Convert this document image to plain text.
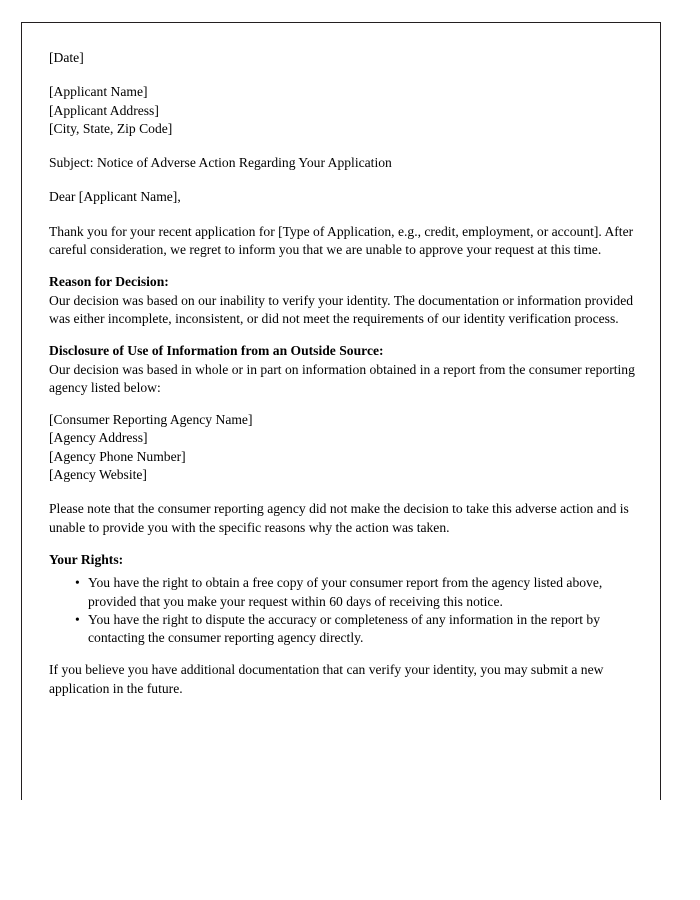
[Date]
[Applicant Name]
[Applicant Address]
[City, State, Zip Code]
Subject: Notice of Adverse Action Regarding Your Application
Dear [Applicant Name],

Thank you for your recent application for [Type of Application, e.g., credit, employment, or account]. After careful consideration, we regret to inform you that we are unable to approve your request at this time.

Reason for Decision:

Our decision was based on our inability to verify your identity. The documentation or information provided was either incomplete, inconsistent, or did not meet the requirements of our identity verification process.

Disclosure of Use of Information from an Outside Source:

Our decision was based in whole or in part on information obtained in a report from the consumer reporting agency listed below:

[Consumer Reporting Agency Name]
[Agency Address]
[Agency Phone Number]
[Agency Website]

Please note that the consumer reporting agency did not make the decision to take this adverse action and is unable to provide you with the specific reasons why the action was taken.

Your Rights:
• You have the right to obtain a free copy of your consumer report from the agency listed above, provided that you make your request within 60 days of receiving this notice.
• You have the right to dispute the accuracy or completeness of any information in the report by contacting the consumer reporting agency directly.

If you believe you have additional documentation that can verify your identity, you may submit a new application in the future.
